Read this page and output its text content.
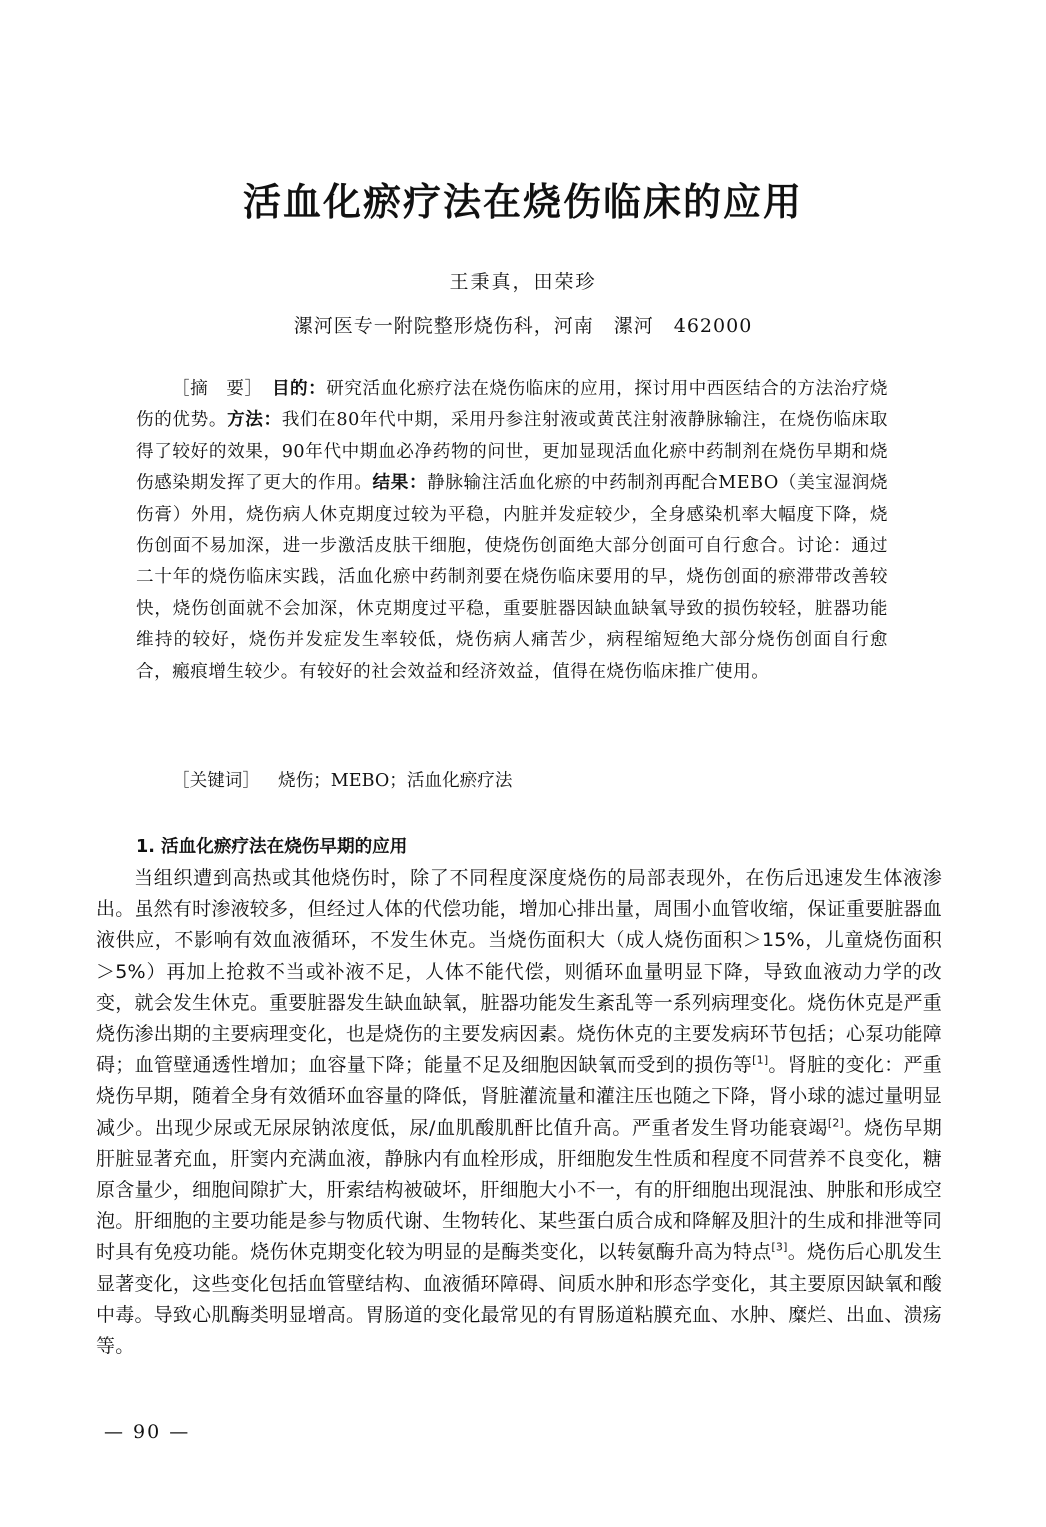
活血化瘀疗法在烧伤临床的应用
王秉真，田荣珍
漯河医专一附院整形烧伤科，河南 漯河 462000
［摘　要］　 目的：研究活血化瘀疗法在烧伤临床的应用，探讨用中西医结合的方法治疗烧伤的优势。方法：我们在80年代中期，采用丹参注射液或黄芪注射液静脉输注，在烧伤临床取得了较好的效果，90年代中期血必净药物的问世，更加显现活血化瘀中药制剂在烧伤早期和烧伤感染期发挥了更大的作用。结果：静脉输注活血化瘀的中药制剂再配合MEBO（美宝湿润烧伤膏）外用，烧伤病人休克期度过较为平稳，内脏并发症较少，全身感染机率大幅度下降，烧伤创面不易加深，进一步激活皮肤干细胞，使烧伤创面绝大部分创面可自行愈合。讨论：通过二十年的烧伤临床实践，活血化瘀中药制剂要在烧伤临床要用的早，烧伤创面的瘀滞带改善较快，烧伤创面就不会加深，休克期度过平稳，重要脏器因缺血缺氧导致的损伤较轻，脏器功能维持的较好，烧伤并发症发生率较低，烧伤病人痛苦少，病程缩短绝大部分烧伤创面自行愈合，瘢痕增生较少。有较好的社会效益和经济效益，值得在烧伤临床推广使用。
［关键词］ 烧伤；MEBO；活血化瘀疗法
1. 活血化瘀疗法在烧伤早期的应用

当组织遭到高热或其他烧伤时，除了不同程度深度烧伤的局部表现外，在伤后迅速发生体液渗出。虽然有时渗液较多，但经过人体的代偿功能，增加心排出量，周围小血管收缩，保证重要脏器血液供应，不影响有效血液循环，不发生休克。当烧伤面积大（成人烧伤面积＞15%，儿童烧伤面积＞5%）再加上抢救不当或补液不足，人体不能代偿，则循环血量明显下降，导致血液动力学的改变，就会发生休克。重要脏器发生缺血缺氧，脏器功能发生紊乱等一系列病理变化。烧伤休克是严重烧伤渗出期的主要病理变化，也是烧伤的主要发病因素。烧伤休克的主要发病环节包括；心泵功能障碍；血管壁通透性增加；血容量下降；能量不足及细胞因缺氧而受到的损伤等[1]。肾脏的变化：严重烧伤早期，随着全身有效循环血容量的降低，肾脏灌流量和灌注压也随之下降，肾小球的滤过量明显减少。出现少尿或无尿尿钠浓度低，尿/血肌酸肌酐比值升高。严重者发生肾功能衰竭[2]。烧伤早期肝脏显著充血，肝窦内充满血液，静脉内有血栓形成，肝细胞发生性质和程度不同营养不良变化，糖原含量少，细胞间隙扩大，肝索结构被破坏，肝细胞大小不一，有的肝细胞出现混浊、肿胀和形成空泡。肝细胞的主要功能是参与物质代谢、生物转化、某些蛋白质合成和降解及胆汁的生成和排泄等同时具有免疫功能。烧伤休克期变化较为明显的是酶类变化，以转氨酶升高为特点[3]。烧伤后心肌发生显著变化，这些变化包括血管壁结构、血液循环障碍、间质水肿和形态学变化，其主要原因缺氧和酸中毒。导致心肌酶类明显增高。胃肠道的变化最常见的有胃肠道粘膜充血、水肿、糜烂、出血、溃疡等。

— 90 —
